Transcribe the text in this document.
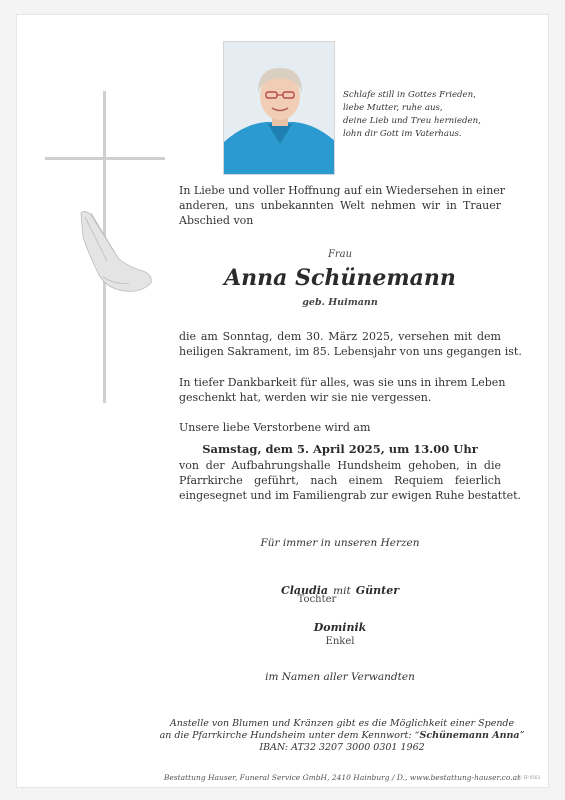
Schlafe still in Gottes Frieden,
liebe Mutter, ruhe aus,
deine Lieb und Treu hernieden,
lohn dir Gott im Vaterhaus.
In Liebe und voller Hoffnung auf ein Wiedersehen in einer
anderen, uns unbekannten Welt nehmen wir in Trauer
Abschied von
Frau
Anna Schünemann
geb. Huimann
die am Sonntag, dem 30. März 2025, versehen mit dem
heiligen Sakrament, im 85. Lebensjahr von uns gegangen ist.
In tiefer Dankbarkeit für alles, was sie uns in ihrem Leben
geschenkt hat, werden wir sie nie vergessen.
Unsere liebe Verstorbene wird am
Samstag, dem 5. April 2025, um 13.00 Uhr
von der Aufbahrungshalle Hundsheim gehoben, in die
Pfarrkirche geführt, nach einem Requiem feierlich
eingesegnet und im Familiengrab zur ewigen Ruhe bestattet.
Für immer in unseren Herzen
Claudia mit Günter
Tochter
Dominik
Enkel
im Namen aller Verwandten
Anstelle von Blumen und Kränzen gibt es die Möglichkeit einer Spende
an die Pfarrkirche Hundsheim unter dem Kennwort: “Schünemann Anna”
IBAN: AT32 3207 3000 0301 1962
Bestattung Hauser, Funeral Service GmbH, 2410 Hainburg / D., www.bestattung-hauser.co.at
© EP 0563
